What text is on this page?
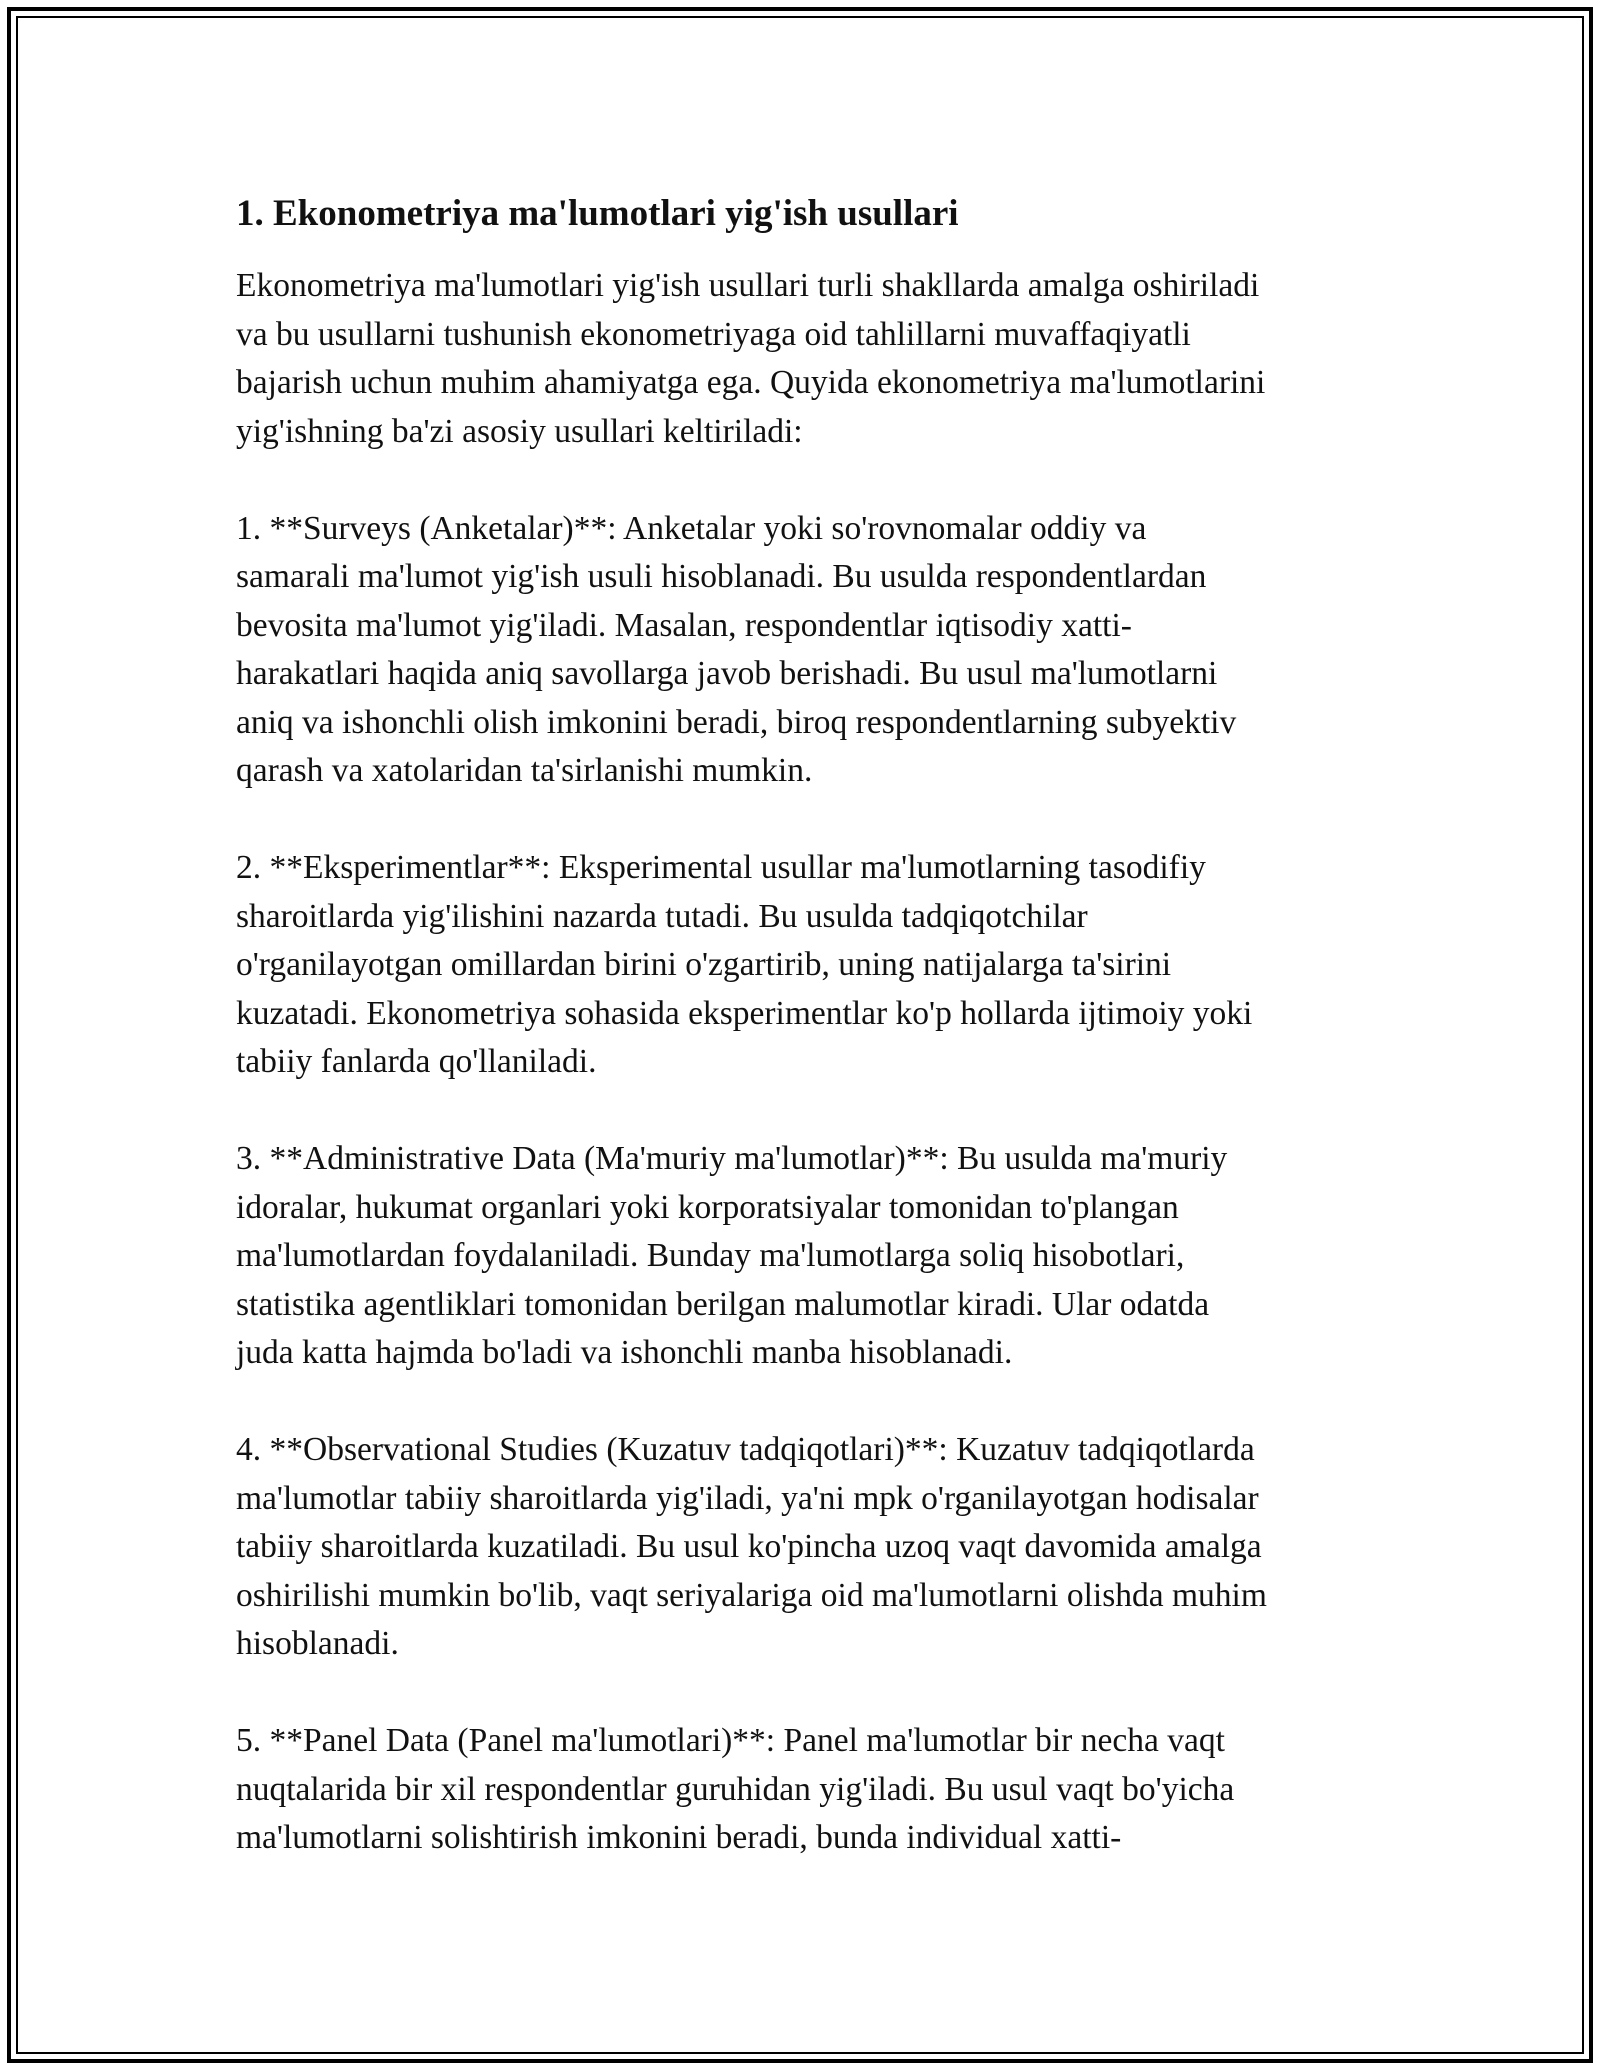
1. Ekonometriya ma'lumotlari yig'ish usullari

Ekonometriya ma'lumotlari yig'ish usullari turli shakllarda amalga oshiriladi
va bu usullarni tushunish ekonometriyaga oid tahlillarni muvaffaqiyatli
bajarish uchun muhim ahamiyatga ega. Quyida ekonometriya ma'lumotlarini
yig'ishning ba'zi asosiy usullari keltiriladi:

1. **Surveys (Anketalar)**: Anketalar yoki so'rovnomalar oddiy va
samarali ma'lumot yig'ish usuli hisoblanadi. Bu usulda respondentlardan
bevosita ma'lumot yig'iladi. Masalan, respondentlar iqtisodiy xatti-
harakatlari haqida aniq savollarga javob berishadi. Bu usul ma'lumotlarni
aniq va ishonchli olish imkonini beradi, biroq respondentlarning subyektiv
qarash va xatolaridan ta'sirlanishi mumkin.

2. **Eksperimentlar**: Eksperimental usullar ma'lumotlarning tasodifiy
sharoitlarda yig'ilishini nazarda tutadi. Bu usulda tadqiqotchilar
o'rganilayotgan omillardan birini o'zgartirib, uning natijalarga ta'sirini
kuzatadi. Ekonometriya sohasida eksperimentlar ko'p hollarda ijtimoiy yoki
tabiiy fanlarda qo'llaniladi.

3. **Administrative Data (Ma'muriy ma'lumotlar)**: Bu usulda ma'muriy
idoralar, hukumat organlari yoki korporatsiyalar tomonidan to'plangan
ma'lumotlardan foydalaniladi. Bunday ma'lumotlarga soliq hisobotlari,
statistika agentliklari tomonidan berilgan malumotlar kiradi. Ular odatda
juda katta hajmda bo'ladi va ishonchli manba hisoblanadi.

4. **Observational Studies (Kuzatuv tadqiqotlari)**: Kuzatuv tadqiqotlarda
ma'lumotlar tabiiy sharoitlarda yig'iladi, ya'ni mpk o'rganilayotgan hodisalar
tabiiy sharoitlarda kuzatiladi. Bu usul ko'pincha uzoq vaqt davomida amalga
oshirilishi mumkin bo'lib, vaqt seriyalariga oid ma'lumotlarni olishda muhim
hisoblanadi.

5. **Panel Data (Panel ma'lumotlari)**: Panel ma'lumotlar bir necha vaqt
nuqtalarida bir xil respondentlar guruhidan yig'iladi. Bu usul vaqt bo'yicha
ma'lumotlarni solishtirish imkonini beradi, bunda individual xatti-
